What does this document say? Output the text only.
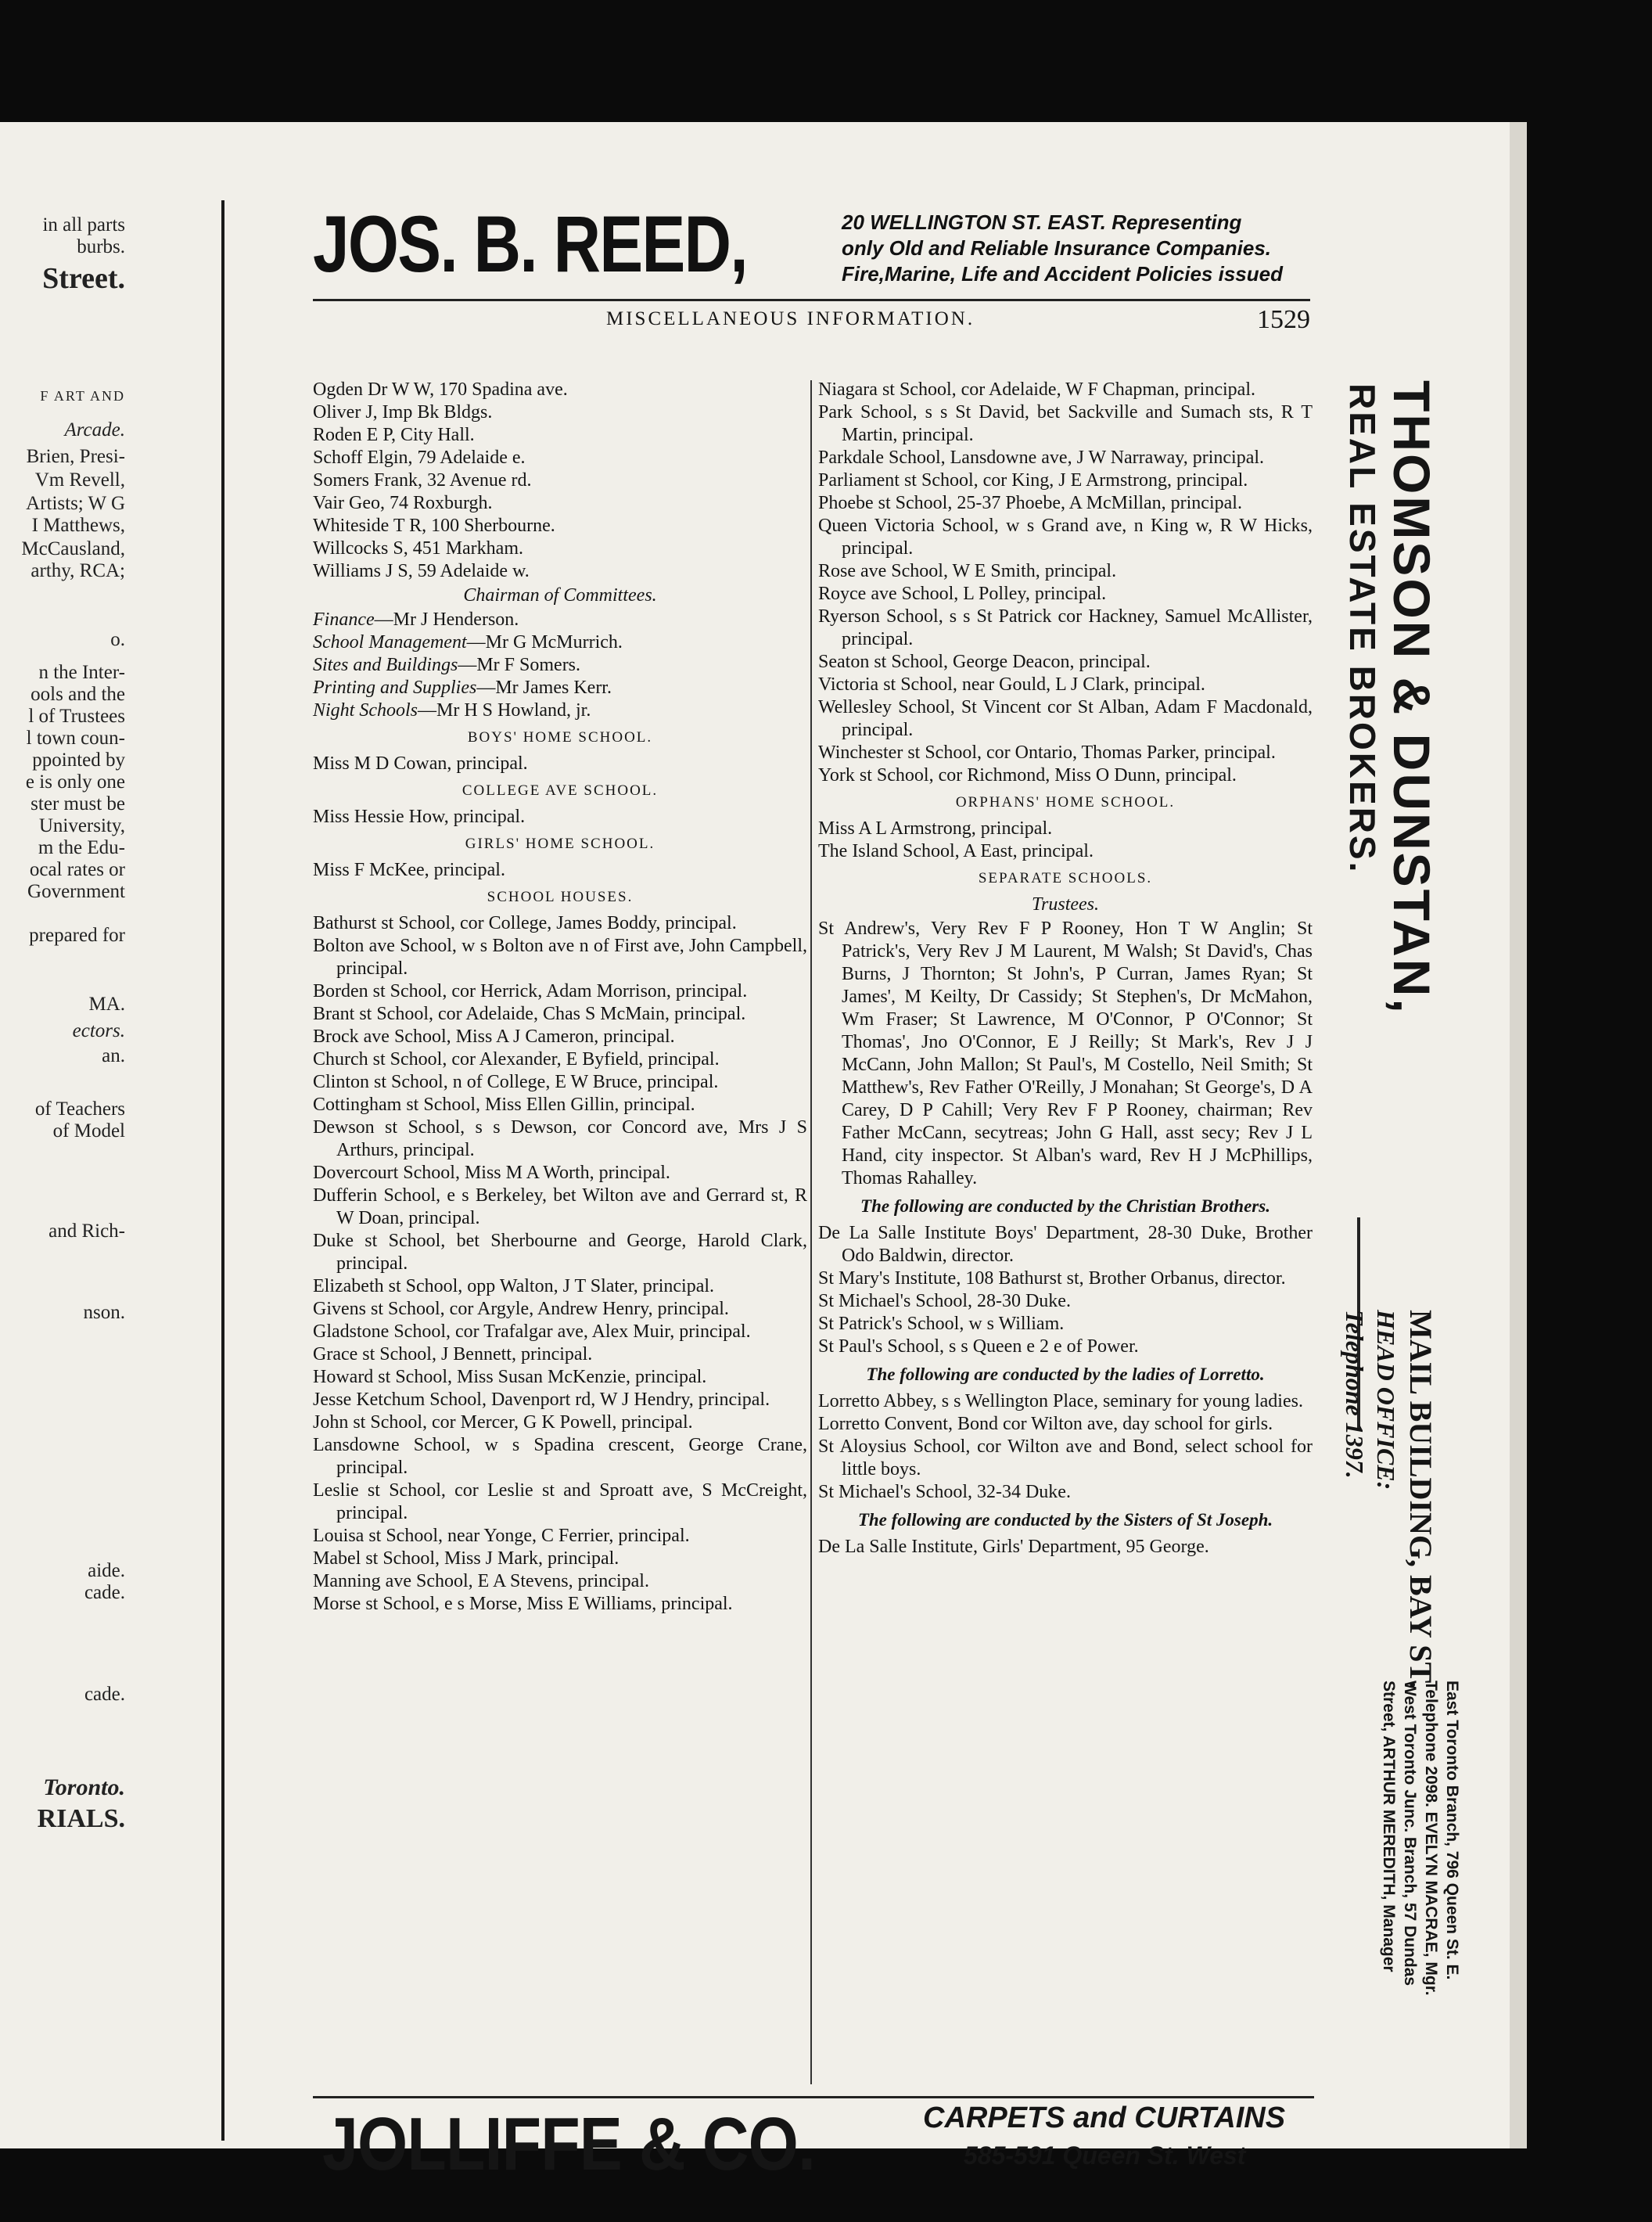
in all parts
burbs.
Street.
F ART AND
Arcade.
Brien, Presi-
Vm Revell,
Artists; W G
I Matthews,
McCausland,
arthy, RCA;
o.
n the Inter-
ools and the
l of Trustees
l town coun-
ppointed by
e is only one
ster must be
University,
m the Edu-
ocal rates or
Government
prepared for
MA.
ectors.
an.
of Teachers
of Model
and Rich-
nson.
aide.
cade.
cade.
Toronto.
RIALS.
JOS. B. REED,	20 WELLINGTON ST. EAST. Representing
only Old and Reliable Insurance Companies.
Fire,Marine, Life and Accident Policies issued
MISCELLANEOUS INFORMATION.	1529
Ogden Dr W W, 170 Spadina ave.
Oliver J, Imp Bk Bldgs.
Roden E P, City Hall.
Schoff Elgin, 79 Adelaide e.
Somers Frank, 32 Avenue rd.
Vair Geo, 74 Roxburgh.
Whiteside T R, 100 Sherbourne.
Willcocks S, 451 Markham.
Williams J S, 59 Adelaide w.
Chairman of Committees.
Finance—Mr J Henderson.
School Management—Mr G McMurrich.
Sites and Buildings—Mr F Somers.
Printing and Supplies—Mr James Kerr.
Night Schools—Mr H S Howland, jr.
BOYS' HOME SCHOOL.
Miss M D Cowan, principal.
COLLEGE AVE SCHOOL.
Miss Hessie How, principal.
GIRLS' HOME SCHOOL.
Miss F McKee, principal.
SCHOOL HOUSES.
Bathurst st School, cor College, James Boddy, principal.
Bolton ave School, w s Bolton ave n of First ave, John Campbell, principal.
Borden st School, cor Herrick, Adam Morrison, principal.
Brant st School, cor Adelaide, Chas S McMain, principal.
Brock ave School, Miss A J Cameron, principal.
Church st School, cor Alexander, E Byfield, principal.
Clinton st School, n of College, E W Bruce, principal.
Cottingham st School, Miss Ellen Gillin, principal.
Dewson st School, s s Dewson, cor Concord ave, Mrs J S Arthurs, principal.
Dovercourt School, Miss M A Worth, principal.
Dufferin School, e s Berkeley, bet Wilton ave and Gerrard st, R W Doan, principal.
Duke st School, bet Sherbourne and George, Harold Clark, principal.
Elizabeth st School, opp Walton, J T Slater, principal.
Givens st School, cor Argyle, Andrew Henry, principal.
Gladstone School, cor Trafalgar ave, Alex Muir, principal.
Grace st School, J Bennett, principal.
Howard st School, Miss Susan McKenzie, principal.
Jesse Ketchum School, Davenport rd, W J Hendry, principal.
John st School, cor Mercer, G K Powell, principal.
Lansdowne School, w s Spadina crescent, George Crane, principal.
Leslie st School, cor Leslie st and Sproatt ave, S McCreight, principal.
Louisa st School, near Yonge, C Ferrier, principal.
Mabel st School, Miss J Mark, principal.
Manning ave School, E A Stevens, principal.
Morse st School, e s Morse, Miss E Williams, principal.
Niagara st School, cor Adelaide, W F Chapman, principal.
Park School, s s St David, bet Sackville and Sumach sts, R T Martin, principal.
Parkdale School, Lansdowne ave, J W Narraway, principal.
Parliament st School, cor King, J E Armstrong, principal.
Phoebe st School, 25-37 Phoebe, A McMillan, principal.
Queen Victoria School, w s Grand ave, n King w, R W Hicks, principal.
Rose ave School, W E Smith, principal.
Royce ave School, L Polley, principal.
Ryerson School, s s St Patrick cor Hackney, Samuel McAllister, principal.
Seaton st School, George Deacon, principal.
Victoria st School, near Gould, L J Clark, principal.
Wellesley School, St Vincent cor St Alban, Adam F Macdonald, principal.
Winchester st School, cor Ontario, Thomas Parker, principal.
York st School, cor Richmond, Miss O Dunn, principal.
ORPHANS' HOME SCHOOL.
Miss A L Armstrong, principal.
The Island School, A East, principal.
SEPARATE SCHOOLS.
Trustees.
St Andrew's, Very Rev F P Rooney, Hon T W Anglin; St Patrick's, Very Rev J M Laurent, M Walsh; St David's, Chas Burns, J Thornton; St John's, P Curran, James Ryan; St James', M Keilty, Dr Cassidy; St Stephen's, Dr McMahon, Wm Fraser; St Lawrence, M O'Connor, P O'Connor; St Thomas', Jno O'Connor, E J Reilly; St Mark's, Rev J J McCann, John Mallon; St Paul's, M Costello, Neil Smith; St Matthew's, Rev Father O'Reilly, J Monahan; St George's, D A Carey, D P Cahill; Very Rev F P Rooney, chairman; Rev Father McCann, secytreas; John G Hall, asst secy; Rev J L Hand, city inspector. St Alban's ward, Rev H J McPhillips, Thomas Rahalley.
The following are conducted by the Christian Brothers.
De La Salle Institute Boys' Department, 28-30 Duke, Brother Odo Baldwin, director.
St Mary's Institute, 108 Bathurst st, Brother Orbanus, director.
St Michael's School, 28-30 Duke.
St Patrick's School, w s William.
St Paul's School, s s Queen e 2 e of Power.
The following are conducted by the ladies of Lorretto.
Lorretto Abbey, s s Wellington Place, seminary for young ladies.
Lorretto Convent, Bond cor Wilton ave, day school for girls.
St Aloysius School, cor Wilton ave and Bond, select school for little boys.
St Michael's School, 32-34 Duke.
The following are conducted by the Sisters of St Joseph.
De La Salle Institute, Girls' Department, 95 George.
THOMSON & DUNSTAN,
REAL ESTATE BROKERS.
MAIL BUILDING, BAY ST.
HEAD OFFICE:
Telephone 1397.
East Toronto Branch, 796 Queen St. E.
Telephone 2098. EVELYN MACRAE, Mgr.
West Toronto Junc. Branch, 57 Dundas
Street, ARTHUR MEREDITH, Manager
JOLLIFFE & CO.	CARPETS and CURTAINS
585-591 Queen St. West
